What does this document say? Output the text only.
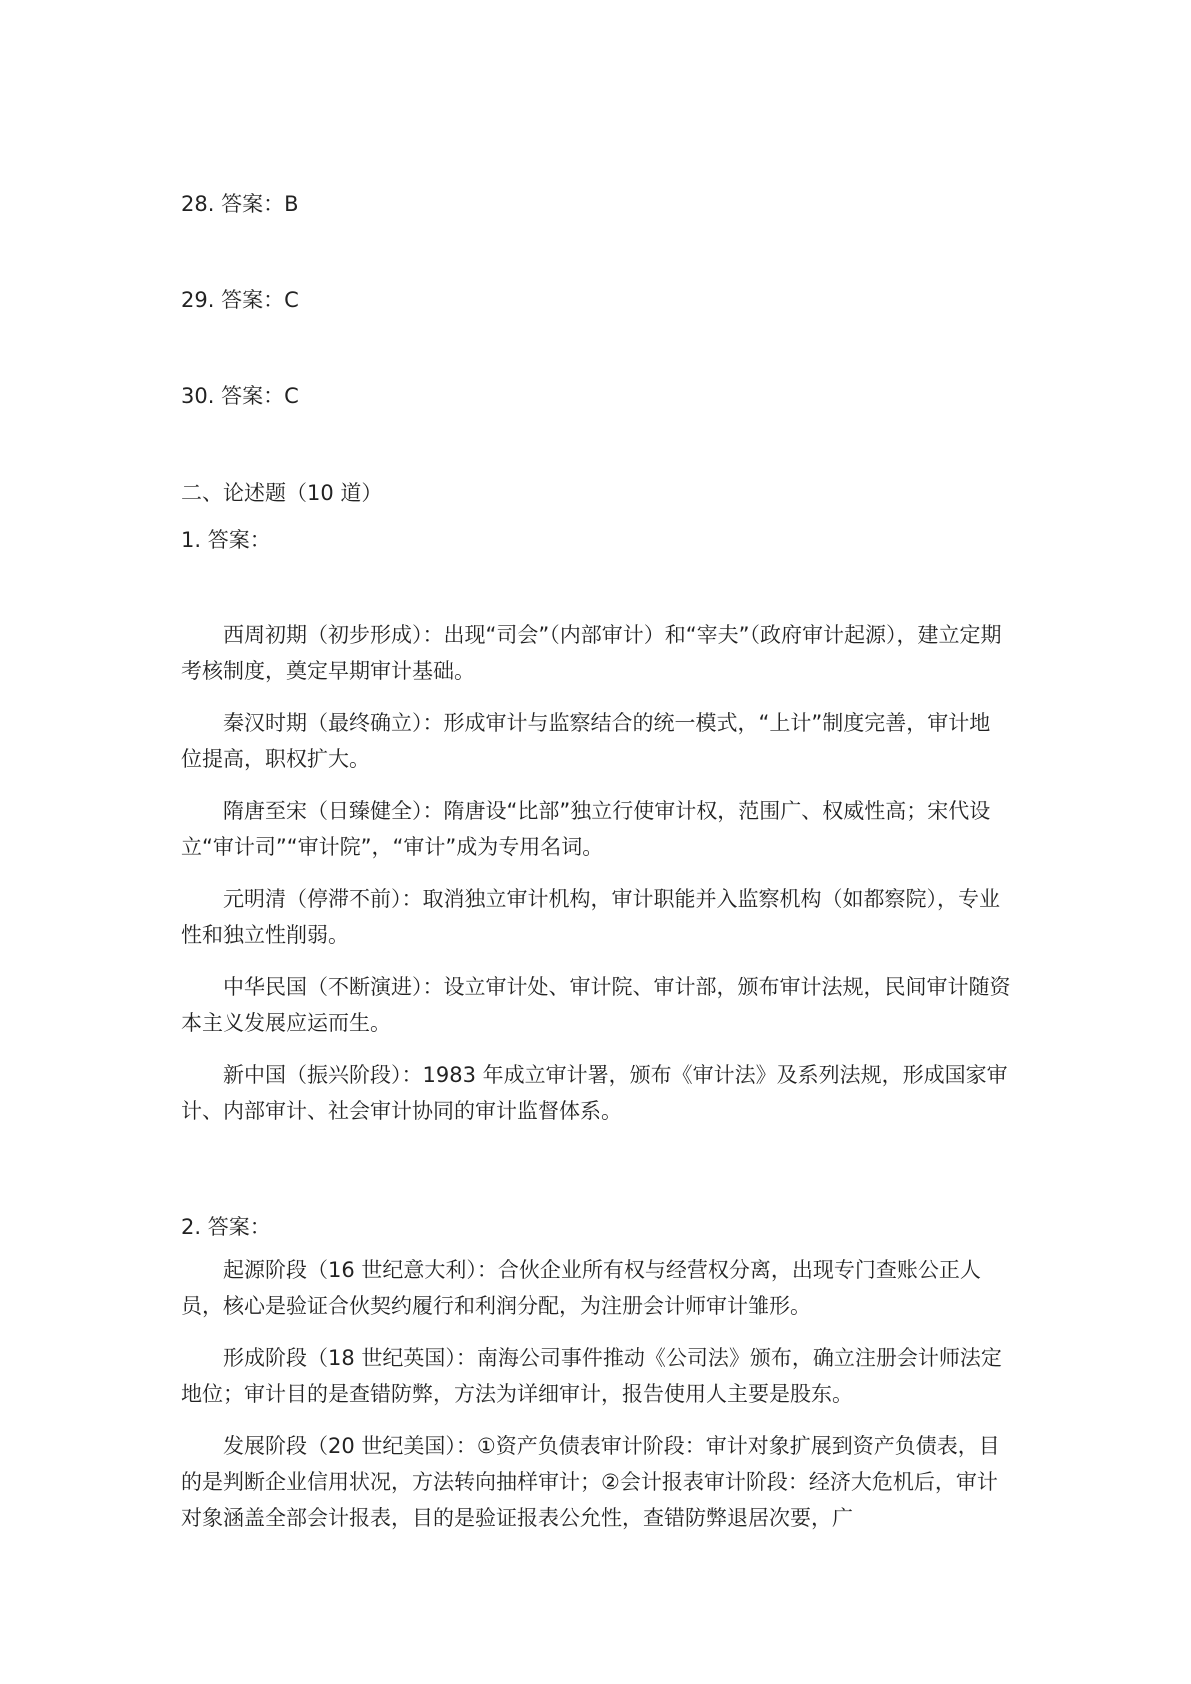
28. 答案：B
29. 答案：C
30. 答案：C
二、论述题（10 道）
1. 答案：

西周初期（初步形成）：出现“司会”（内部审计）和“宰夫”（政府审计起源），建立定期考核制度，奠定早期审计基础。

秦汉时期（最终确立）：形成审计与监察结合的统一模式，“上计”制度完善，审计地位提高，职权扩大。

隋唐至宋（日臻健全）：隋唐设“比部”独立行使审计权，范围广、权威性高；宋代设立“审计司”“审计院”，“审计”成为专用名词。

元明清（停滞不前）：取消独立审计机构，审计职能并入监察机构（如都察院），专业性和独立性削弱。

中华民国（不断演进）：设立审计处、审计院、审计部，颁布审计法规，民间审计随资本主义发展应运而生。

新中国（振兴阶段）：1983 年成立审计署，颁布《审计法》及系列法规，形成国家审计、内部审计、社会审计协同的审计监督体系。

2. 答案：

起源阶段（16 世纪意大利）：合伙企业所有权与经营权分离，出现专门查账公正人员，核心是验证合伙契约履行和利润分配，为注册会计师审计雏形。

形成阶段（18 世纪英国）：南海公司事件推动《公司法》颁布，确立注册会计师法定地位；审计目的是查错防弊，方法为详细审计，报告使用人主要是股东。

发展阶段（20 世纪美国）：①资产负债表审计阶段：审计对象扩展到资产负债表，目的是判断企业信用状况，方法转向抽样审计；②会计报表审计阶段：经济大危机后，审计对象涵盖全部会计报表，目的是验证报表公允性，查错防弊退居次要，广
